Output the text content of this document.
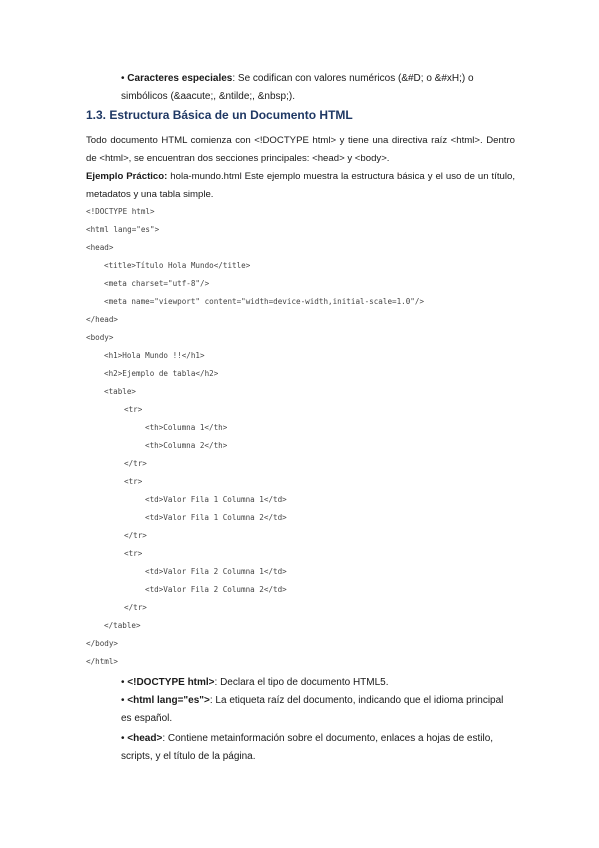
• Caracteres especiales: Se codifican con valores numéricos (&#D; o &#xH;) o simbólicos (&aacute;, &ntilde;, &nbsp;).
1.3. Estructura Básica de un Documento HTML
Todo documento HTML comienza con <!DOCTYPE html> y tiene una directiva raíz <html>. Dentro de <html>, se encuentran dos secciones principales: <head> y <body>.
Ejemplo Práctico: hola-mundo.html Este ejemplo muestra la estructura básica y el uso de un título, metadatos y una tabla simple.
<!DOCTYPE html>
<html lang="es">
<head>
<title>Título Hola Mundo</title>
<meta charset="utf-8"/>
<meta name="viewport" content="width=device-width,initial-scale=1.0"/>
</head>
<body>
<h1>Hola Mundo !!</h1>
<h2>Ejemplo de tabla</h2>
<table>
<tr>
<th>Columna 1</th>
<th>Columna 2</th>
</tr>
<tr>
<td>Valor Fila 1 Columna 1</td>
<td>Valor Fila 1 Columna 2</td>
</tr>
<tr>
<td>Valor Fila 2 Columna 1</td>
<td>Valor Fila 2 Columna 2</td>
</tr>
</table>
</body>
</html>
• <!DOCTYPE html>: Declara el tipo de documento HTML5.
• <html lang="es">: La etiqueta raíz del documento, indicando que el idioma principal es español.
• <head>: Contiene metainformación sobre el documento, enlaces a hojas de estilo, scripts, y el título de la página.
